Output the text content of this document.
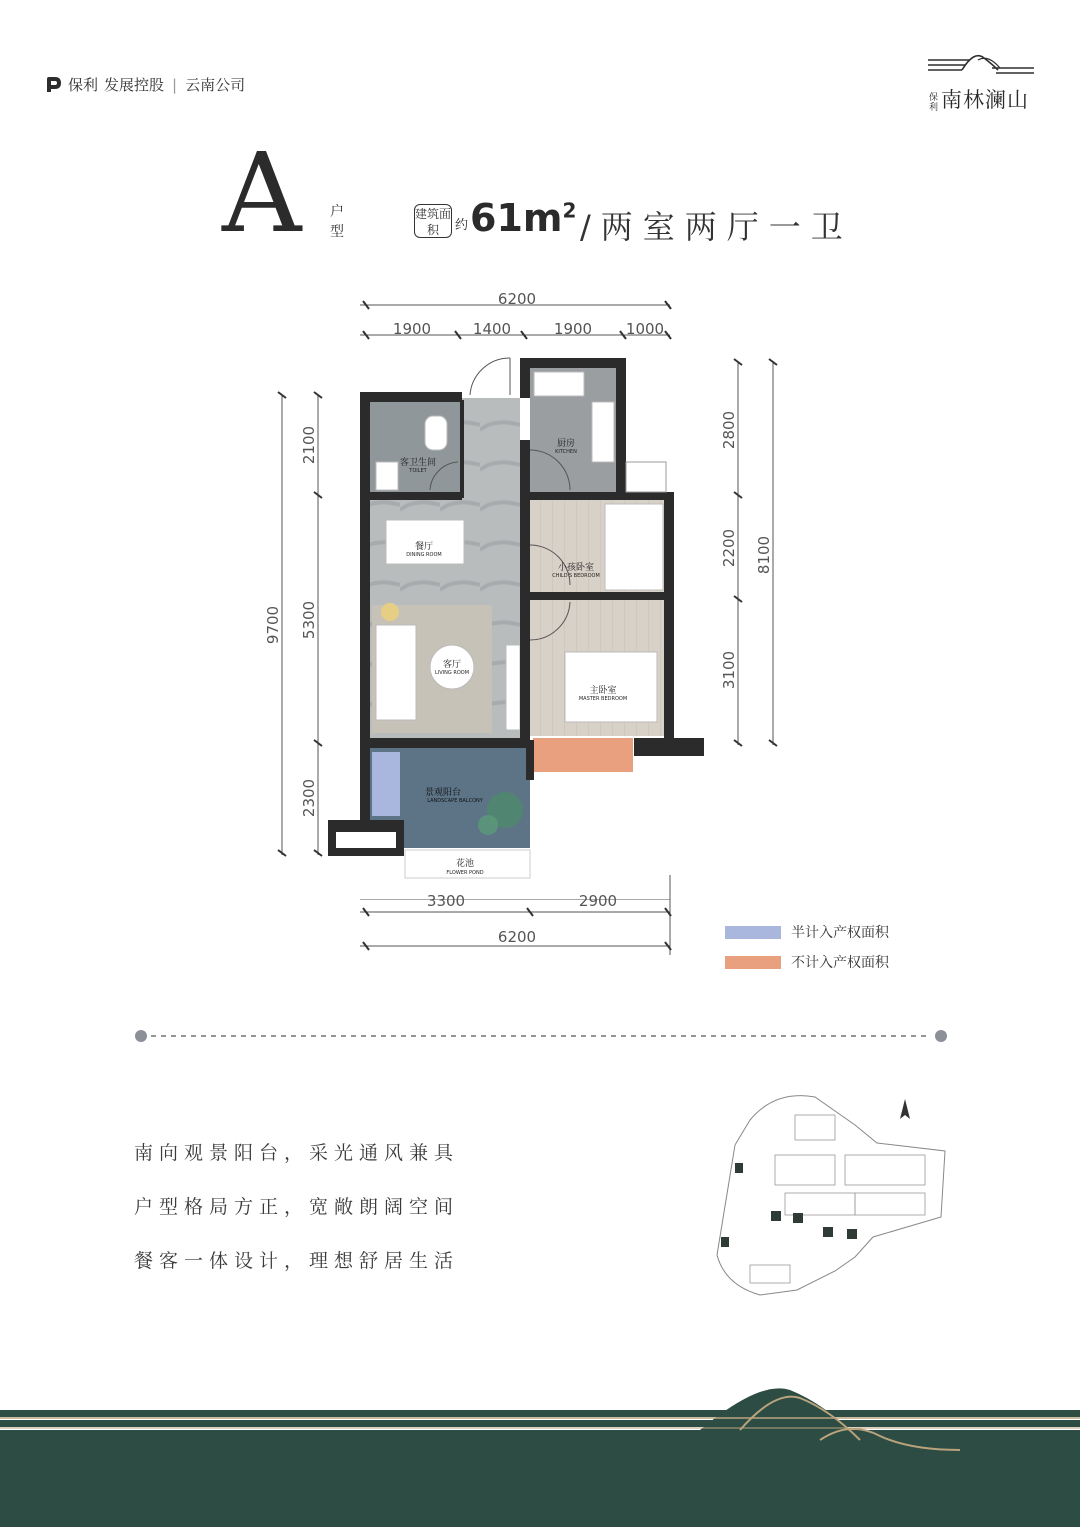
保利 发展控股 | 云南公司
保利 南林澜山
A 户型
建筑面积	约 $61m^2$ /两室两厅一卫
6200
1900	1400	1900 1000
9700
2100
5300
2300
2800
2200
3100
8100
客卫生间
TOILET
厨房
KITCHEN
餐厅
DINING ROOM
小孩卧室
CHILD'S BEDROOM
客厅
LIVING ROOM
主卧室
MASTER BEDROOM
景观阳台
LANDSCAPE BALCONY
花池
FLOWER POND
3300	2900
6200	半计入产权面积
不计入产权面积
南向观景阳台，采光通风兼具
户型格局方正，宽敞朗阔空间
餐客一体设计，理想舒居生活
